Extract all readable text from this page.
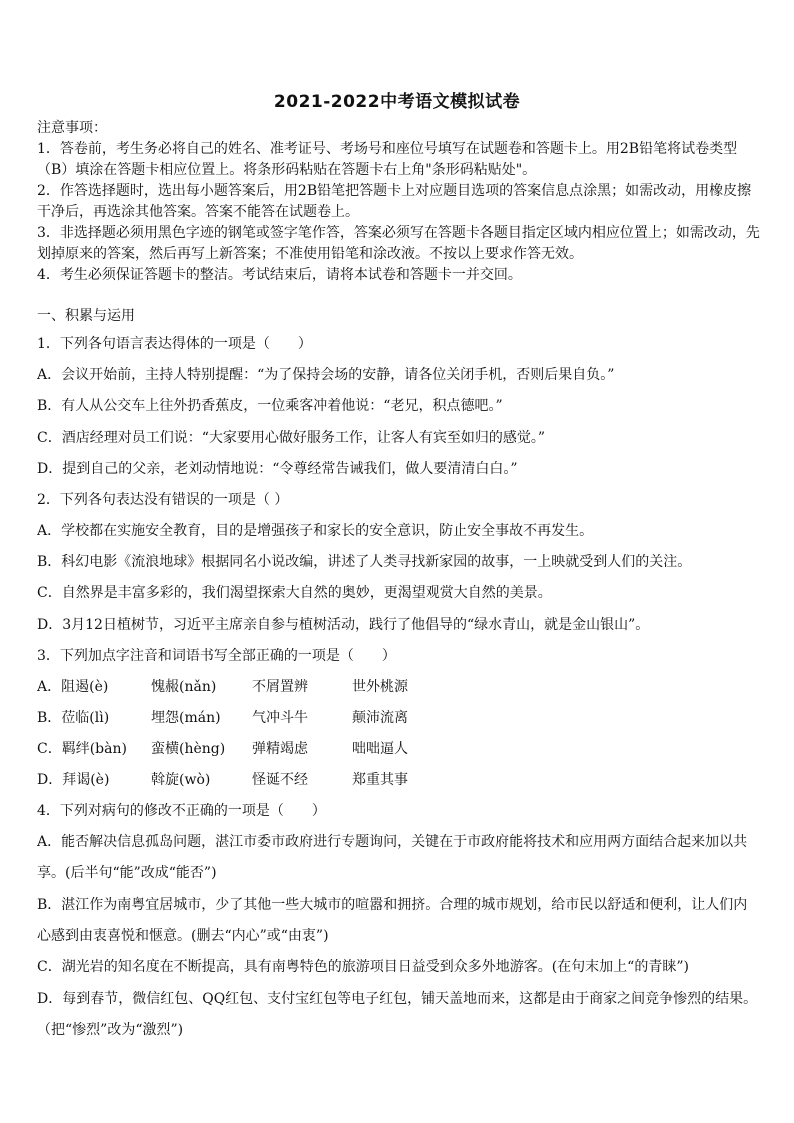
2021-2022中考语文模拟试卷
注意事项：
1．答卷前，考生务必将自己的姓名、准考证号、考场号和座位号填写在试题卷和答题卡上。用2B铅笔将试卷类型
（B）填涂在答题卡相应位置上。将条形码粘贴在答题卡右上角"条形码粘贴处"。
2．作答选择题时，选出每小题答案后，用2B铅笔把答题卡上对应题目选项的答案信息点涂黑；如需改动，用橡皮擦
干净后，再选涂其他答案。答案不能答在试题卷上。
3．非选择题必须用黑色字迹的钢笔或签字笔作答，答案必须写在答题卡各题目指定区域内相应位置上；如需改动，先
划掉原来的答案，然后再写上新答案；不准使用铅笔和涂改液。不按以上要求作答无效。
4．考生必须保证答题卡的整洁。考试结束后，请将本试卷和答题卡一并交回。
一、积累与运用
1．下列各句语言表达得体的一项是（　　）
A．会议开始前，主持人特别提醒：“为了保持会场的安静，请各位关闭手机，否则后果自负。”
B．有人从公交车上往外扔香蕉皮，一位乘客冲着他说：“老兄，积点德吧。”
C．酒店经理对员工们说：“大家要用心做好服务工作，让客人有宾至如归的感觉。”
D．提到自己的父亲，老刘动情地说：“令尊经常告诫我们，做人要清清白白。”
2．下列各句表达没有错误的一项是（ ）
A．学校都在实施安全教育，目的是增强孩子和家长的安全意识，防止安全事故不再发生。
B．科幻电影《流浪地球》根据同名小说改编，讲述了人类寻找新家园的故事，一上映就受到人们的关注。
C．自然界是丰富多彩的，我们渴望探索大自然的奥妙，更渴望观赏大自然的美景。
D．3月12日植树节，习近平主席亲自参与植树活动，践行了他倡导的“绿水青山，就是金山银山”。
3．下列加点字注音和词语书写全部正确的一项是（　　）
A．阻遏(è)	愧赧(nǎn)	不屑置辨	世外桃源
B．莅临(lì)	埋怨(mán) 气冲斗牛	颠沛流离
C．羁绊(bàn) 蛮横(hèng) 弹精竭虑	咄咄逼人
D．拜谒(è)	斡旋(wò)	怪诞不经	郑重其事
4．下列对病句的修改不正确的一项是（　　）
A．能否解决信息孤岛问题，湛江市委市政府进行专题询问，关键在于市政府能将技术和应用两方面结合起来加以共
享。(后半句“能”改成“能否”)
B．湛江作为南粤宜居城市，少了其他一些大城市的喧嚣和拥挤。合理的城市规划，给市民以舒适和便利，让人们内
心感到由衷喜悦和惬意。(删去“内心”或“由衷”)
C．湖光岩的知名度在不断提高，具有南粤特色的旅游项目日益受到众多外地游客。(在句末加上“的青睐”)
D．每到春节，微信红包、QQ红包、支付宝红包等电子红包，铺天盖地而来，这都是由于商家之间竞争惨烈的结果。
（把“惨烈”改为“激烈”)
